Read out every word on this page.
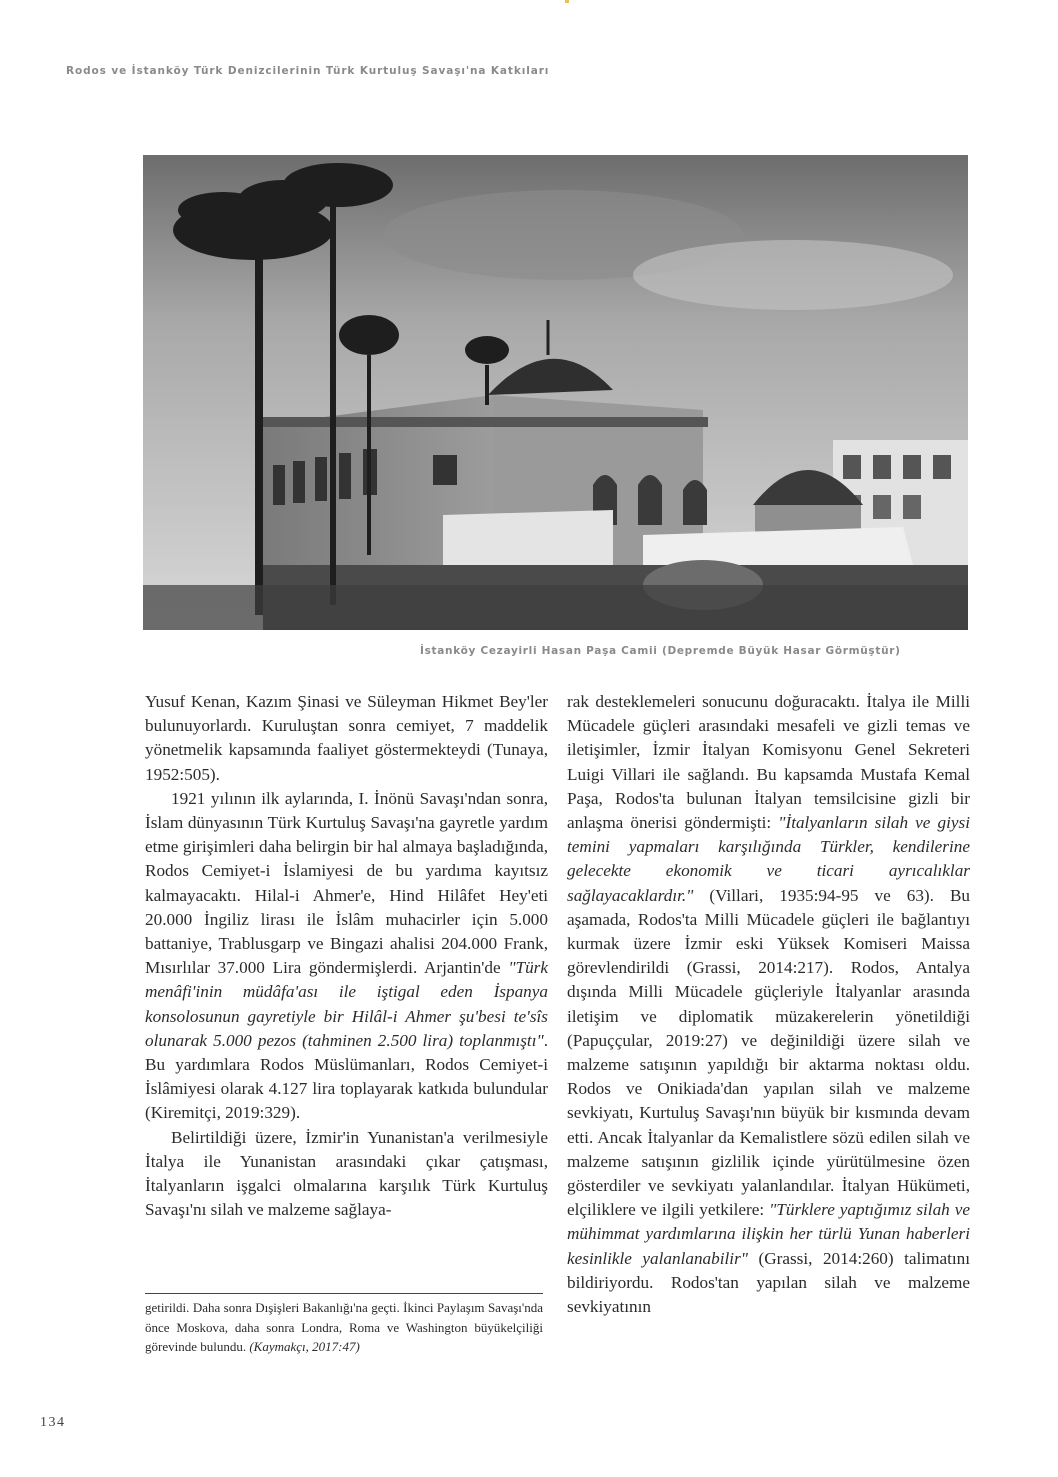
Rodos ve İstanköy Türk Denizcilerinin Türk Kurtuluş Savaşı'na Katkıları
İstanköy Cezayirli Hasan Paşa Camii (Depremde Büyük Hasar Görmüştür)

Yusuf Kenan, Kazım Şinasi ve Süleyman Hikmet Bey'ler bulunuyorlardı. Kuruluştan sonra cemiyet, 7 maddelik yönetmelik kapsamında faaliyet göstermekteydi (Tunaya, 1952:505).

1921 yılının ilk aylarında, I. İnönü Savaşı'ndan sonra, İslam dünyasının Türk Kurtuluş Savaşı'na gayretle yardım etme girişimleri daha belirgin bir hal almaya başladığında, Rodos Cemiyet-i İslamiyesi de bu yardıma kayıtsız kalmayacaktı. Hilal-i Ahmer'e, Hind Hilâfet Hey'eti 20.000 İngiliz lirası ile İslâm muhacirler için 5.000 battaniye, Trablusgarp ve Bingazi ahalisi 204.000 Frank, Mısırlılar 37.000 Lira göndermişlerdi. Arjantin'de "Türk menâfi'inin müdâfa'ası ile iştigal eden İspanya konsolosunun gayretiyle bir Hilâl-i Ahmer şu'besi te'sîs olunarak 5.000 pezos (tahminen 2.500 lira) toplanmıştı". Bu yardımlara Rodos Müslümanları, Rodos Cemiyet-i İslâmiyesi olarak 4.127 lira toplayarak katkıda bulundular (Kiremitçi, 2019:329).

Belirtildiği üzere, İzmir'in Yunanistan'a verilmesiyle İtalya ile Yunanistan arasındaki çıkar çatışması, İtalyanların işgalci olmalarına karşılık Türk Kurtuluş Savaşı'nı silah ve malzeme sağlaya-

getirildi. Daha sonra Dışişleri Bakanlığı'na geçti. İkinci Paylaşım Savaşı'nda önce Moskova, daha sonra Londra, Roma ve Washington büyükelçiliği görevinde bulundu. (Kaymakçı, 2017:47)

rak desteklemeleri sonucunu doğuracaktı. İtalya ile Milli Mücadele güçleri arasındaki mesafeli ve gizli temas ve iletişimler, İzmir İtalyan Komisyonu Genel Sekreteri Luigi Villari ile sağlandı. Bu kapsamda Mustafa Kemal Paşa, Rodos'ta bulunan İtalyan temsilcisine gizli bir anlaşma önerisi göndermişti: "İtalyanların silah ve giysi temini yapmaları karşılığında Türkler, kendilerine gelecekte ekonomik ve ticari ayrıcalıklar sağlayacaklardır." (Villari, 1935:94-95 ve 63). Bu aşamada, Rodos'ta Milli Mücadele güçleri ile bağlantıyı kurmak üzere İzmir eski Yüksek Komiseri Maissa görevlendirildi (Grassi, 2014:217). Rodos, Antalya dışında Milli Mücadele güçleriyle İtalyanlar arasında iletişim ve diplomatik müzakerelerin yönetildiği (Papuççular, 2019:27) ve değinildiği üzere silah ve malzeme satışının yapıldığı bir aktarma noktası oldu. Rodos ve Onikiada'dan yapılan silah ve malzeme sevkiyatı, Kurtuluş Savaşı'nın büyük bir kısmında devam etti. Ancak İtalyanlar da Kemalistlere sözü edilen silah ve malzeme satışının gizlilik içinde yürütülmesine özen gösterdiler ve sevkiyatı yalanlandılar. İtalyan Hükümeti, elçiliklere ve ilgili yetkilere: "Türklere yaptığımız silah ve mühimmat yardımlarına ilişkin her türlü Yunan haberleri kesinlikle yalanlanabilir" (Grassi, 2014:260) talimatını bildiriyordu. Rodos'tan yapılan silah ve malzeme sevkiyatının

134
